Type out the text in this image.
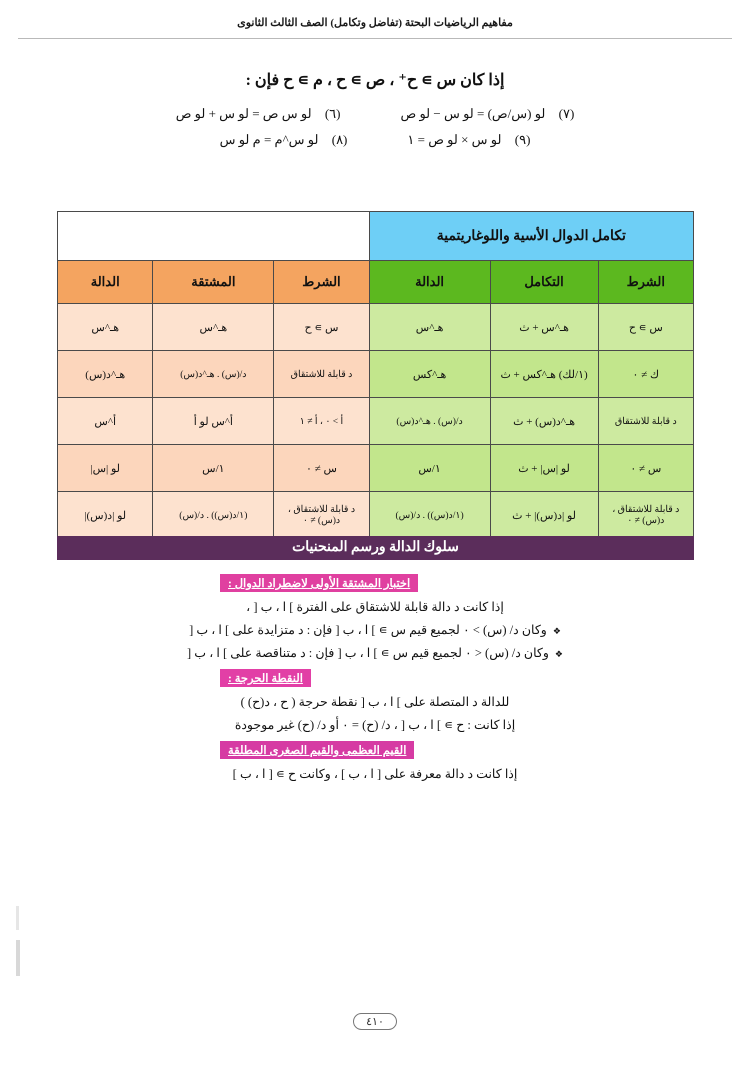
مفاهيم الرياضيات البحتة (تفاضل وتكامل) الصف الثالث الثانوى
إذا كان س ∍ ح⁺ ، ص ∍ ح ، م ∍ ح فإن :
(٧) لو (س/ص) = لو س − لو ص
(٦) لو س ص = لو س + لو ص
(٩) لو س × لو ص = ١
(٨) لو س^م = م لو س
تكامل الدوال الأسية واللوغاريتمية					
الشرط	التكامل	الدالة	الشرط	المشتقة	الدالة
س ∍ ح	هـ^س + ث	هـ^س	س ∍ ح	هـ^س	هـ^س
ك ≠ ٠	(١/لك) هـ^كس + ث	هـ^كس	د قابلة للاشتقاق	د/(س) . هـ^د(س)	هـ^د(س)
د قابلة للاشتقاق	هـ^د(س) + ث	د/(س) . هـ^د(س)	أ > ٠ ، أ ≠ ١	أ^س لو أ	أ^س
س ≠ ٠	لو |س| + ث	١/س	س ≠ ٠	١/س	لو |س|
د قابلة للاشتقاق ، د(س) ≠ ٠	لو |د(س)| + ث	(١/د(س)) . د/(س)	د قابلة للاشتقاق ، د(س) ≠ ٠	(١/د(س)) . د/(س)	لو |د(س)|
سلوك الدالة ورسم المنحنيات
اختبار المشتقة الأولى لاضطراد الدوال :
إذا كانت د دالة قابلة للاشتقاق على الفترة ] ا ، ب [ ،
❖ وكان د/ (س) > ٠ لجميع قيم س ∍ ] ا ، ب [ فإن : د متزايدة على ] ا ، ب [
❖ وكان د/ (س) < ٠ لجميع قيم س ∍ ] ا ، ب [ فإن : د متناقصة على ] ا ، ب [
النقطة الحرجة :
للدالة د المتصلة على ] ا ، ب [ نقطة حرجة ( ح ، د(ح) )
إذا كانت : ح ∍ ] ا ، ب [ ، د/ (ح) = ٠ أو د/ (ح) غير موجودة
القيم العظمى والقيم الصغرى المطلقة
إذا كانت د دالة معرفة على [ ا ، ب ] ، وكانت ح ∍ [ ا ، ب ]
٤١٠
